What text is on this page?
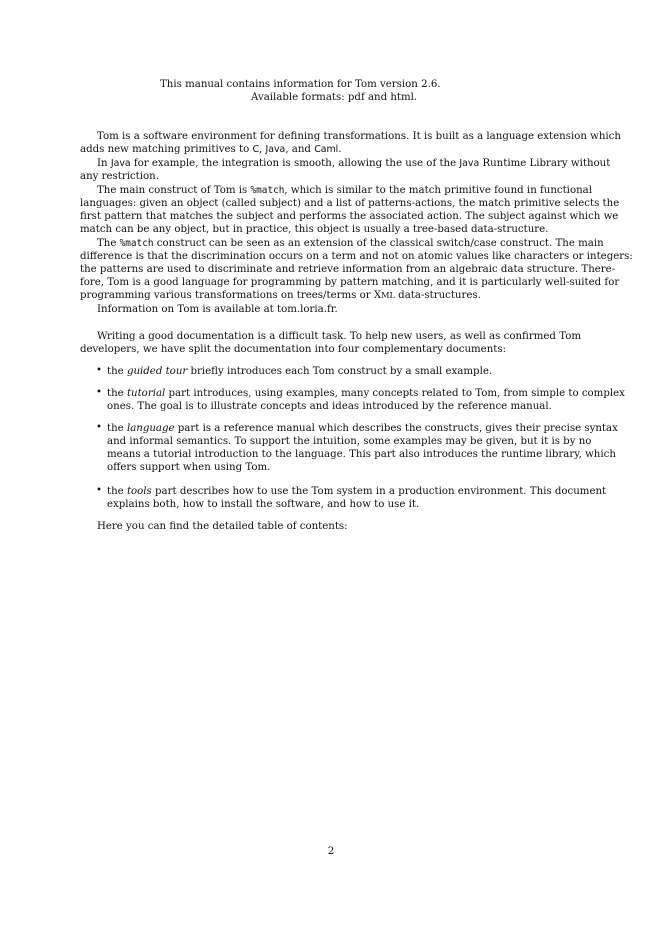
This manual contains information for Tom version 2.6.
Available formats: pdf and html.
Tom is a software environment for defining transformations. It is built as a language extension which
adds new matching primitives to C, Java, and Caml.
In Java for example, the integration is smooth, allowing the use of the Java Runtime Library without
any restriction.
The main construct of Tom is %match, which is similar to the match primitive found in functional
languages: given an object (called subject) and a list of patterns-actions, the match primitive selects the
first pattern that matches the subject and performs the associated action. The subject against which we
match can be any object, but in practice, this object is usually a tree-based data-structure.
The %match construct can be seen as an extension of the classical switch/case construct. The main
difference is that the discrimination occurs on a term and not on atomic values like characters or integers:
the patterns are used to discriminate and retrieve information from an algebraic data structure. There-
fore, Tom is a good language for programming by pattern matching, and it is particularly well-suited for
programming various transformations on trees/terms or XML data-structures.
Information on Tom is available at tom.loria.fr.
Writing a good documentation is a difficult task. To help new users, as well as confirmed Tom
developers, we have split the documentation into four complementary documents:
• the guided tour briefly introduces each Tom construct by a small example.
• the tutorial part introduces, using examples, many concepts related to Tom, from simple to complex
ones. The goal is to illustrate concepts and ideas introduced by the reference manual.
• the language part is a reference manual which describes the constructs, gives their precise syntax
and informal semantics. To support the intuition, some examples may be given, but it is by no
means a tutorial introduction to the language. This part also introduces the runtime library, which
offers support when using Tom.
• the tools part describes how to use the Tom system in a production environment. This document
explains both, how to install the software, and how to use it.
Here you can find the detailed table of contents:
2
